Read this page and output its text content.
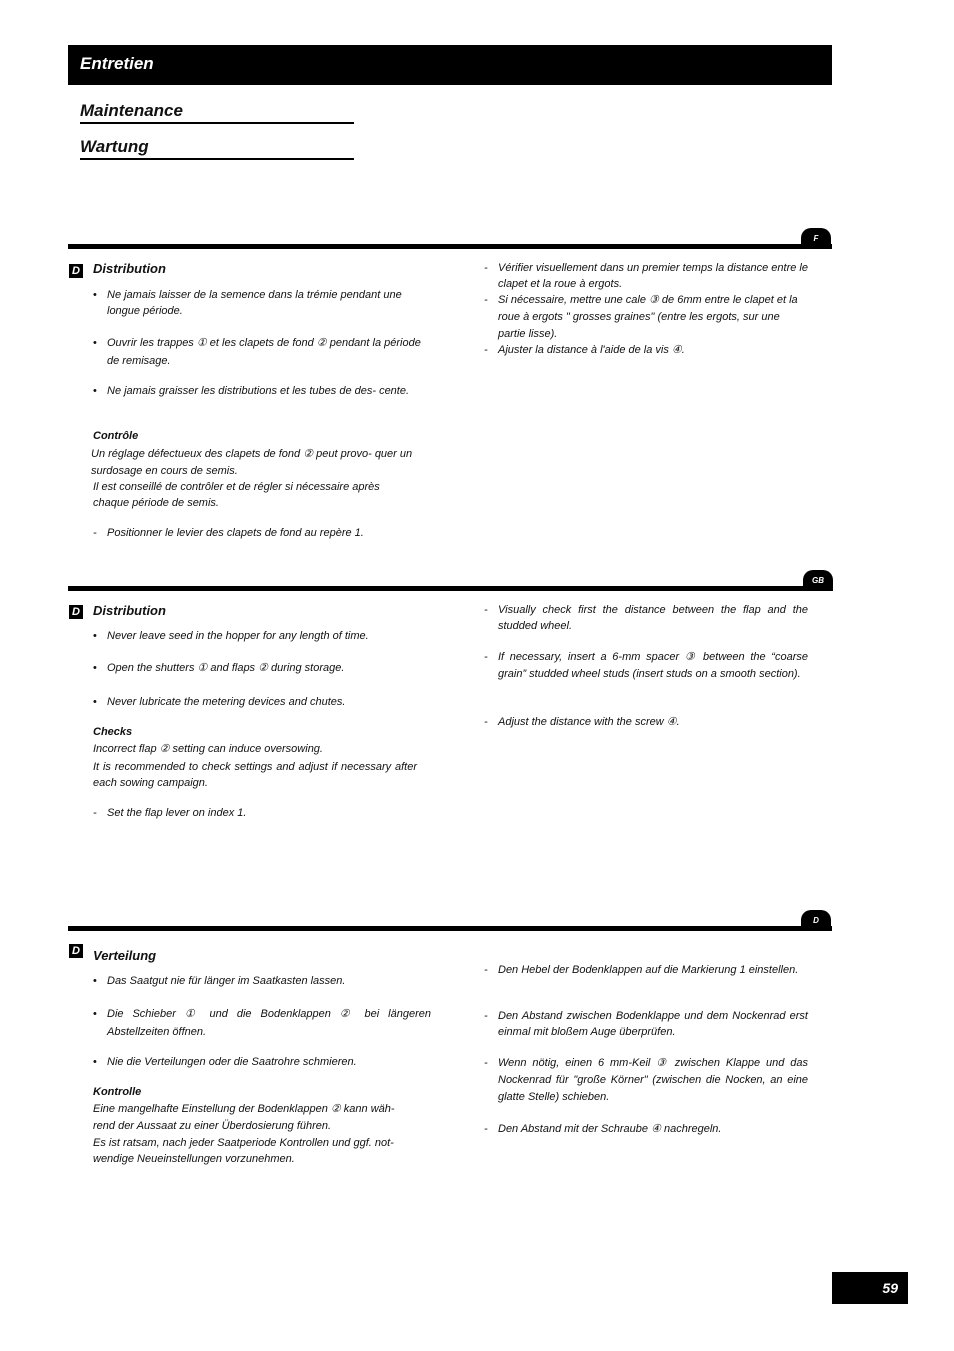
Entretien
Maintenance
Wartung
F
D Distribution
• Ne jamais laisser de la semence dans la trémie pendant une longue période.
• Ouvrir les trappes ① et les clapets de fond ② pendant la période de remisage.
• Ne jamais graisser les distributions et les tubes de des- cente.
Contrôle
Un réglage défectueux des clapets de fond ② peut provo- quer un surdosage en cours de semis.
Il est conseillé de contrôler et de régler si nécessaire après chaque période de semis.
- Positionner le levier des clapets de fond au repère 1.
- Vérifier visuellement dans un premier temps la distance entre le clapet et la roue à ergots.
- Si nécessaire, mettre une cale ③ de 6mm entre le clapet et la roue à ergots " grosses graines" (entre les ergots, sur une partie lisse).
- Ajuster la distance à l'aide de la vis ④.
GB
D Distribution
• Never leave seed in the hopper for any length of time.
• Open the shutters ① and flaps ② during storage.
• Never lubricate the metering devices and chutes.
Checks
Incorrect flap ② setting can induce oversowing.
It is recommended to check settings and adjust if necessary after each sowing campaign.
- Set the flap lever on index 1.
- Visually check first the distance between the flap and the studded wheel.
- If necessary, insert a 6-mm spacer ③ between the “coarse grain” studded wheel studs (insert studs on a smooth section).
- Adjust the distance with the screw ④.
D
D Verteilung
• Das Saatgut nie für länger im Saatkasten lassen.
• Die Schieber ① und die Bodenklappen ② bei längeren Abstellzeiten öffnen.
• Nie die Verteilungen oder die Saatrohre schmieren.
Kontrolle
Eine mangelhafte Einstellung der Bodenklappen ② kann wäh- rend der Aussaat zu einer Überdosierung führen.
Es ist ratsam, nach jeder Saatperiode Kontrollen und ggf. not- wendige Neueinstellungen vorzunehmen.
- Den Hebel der Bodenklappen auf die Markierung 1 einstellen.
- Den Abstand zwischen Bodenklappe und dem Nockenrad erst einmal mit bloßem Auge überprüfen.
- Wenn nötig, einen 6 mm-Keil ③ zwischen Klappe und das Nockenrad für "große Körner" (zwischen die Nocken, an eine glatte Stelle) schieben.
- Den Abstand mit der Schraube ④ nachregeln.
59
